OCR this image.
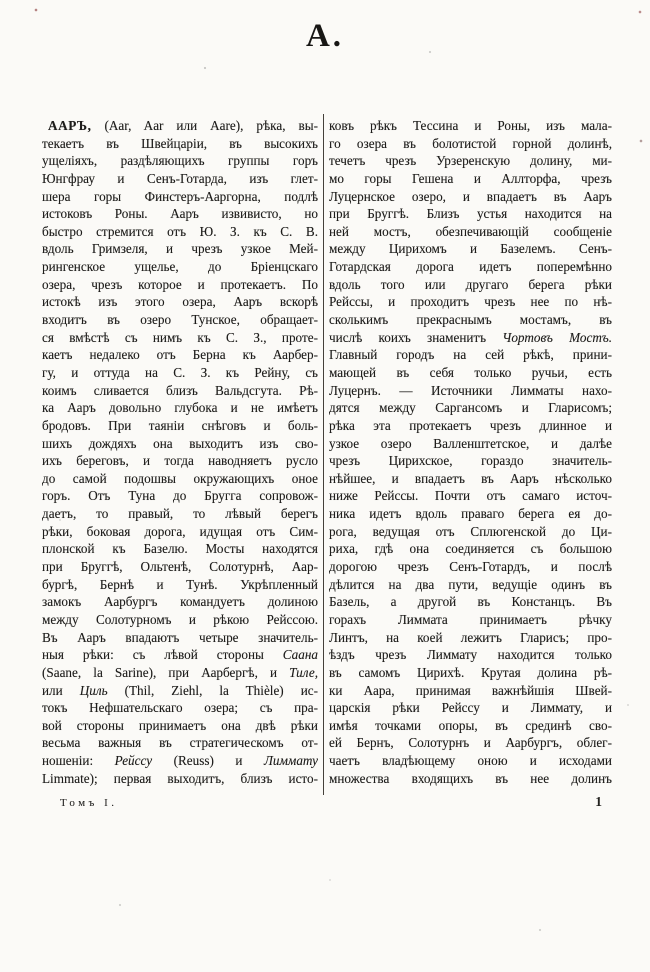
А.
ААРЪ, (Aar, Aar или Aare), рѣка, вы-
текаетъ въ Швейцаріи, въ высокихъ
ущеліяхъ, раздѣляющихъ группы горъ
Юнгфрау и Сенъ-Готарда, изъ глет-
шера горы Финстеръ-Ааргорна, подлѣ
истоковъ Роны. Ааръ извивисто, но
быстро стремится отъ Ю. З. къ С. В.
вдоль Гримзеля, и чрезъ узкое Мей-
рингенское ущелье, до Бріенцскаго
озера, чрезъ которое и протекаетъ. По
истокѣ изъ этого озера, Ааръ вскорѣ
входитъ въ озеро Тунское, обращает-
ся вмѣстѣ съ нимъ къ С. З., проте-
каетъ недалеко отъ Берна къ Аарбер-
гу, и оттуда на С. З. къ Рейну, съ
коимъ сливается близъ Вальдсгута. Рѣ-
ка Ааръ довольно глубока и не имѣетъ
бродовъ. При таяніи снѣговъ и боль-
шихъ дождяхъ она выходитъ изъ сво-
ихъ береговъ, и тогда наводняетъ русло
до самой подошвы окружающихъ оное
горъ. Отъ Туна до Бругга сопровож-
даетъ, то правый, то лѣвый берегъ
рѣки, боковая дорога, идущая отъ Сим-
плонской къ Базелю. Мосты находятся
при Бруггѣ, Ольтенѣ, Солотурнѣ, Аар-
бургѣ, Бернѣ и Тунѣ. Укрѣпленный
замокъ Аарбургъ командуетъ долиною
между Солотурномъ и рѣкою Рейссою.
Въ Ааръ впадаютъ четыре значитель-
ныя рѣки: съ лѣвой стороны Саана
(Saane, la Sarine), при Аарбергѣ, и Тиле,
или Циль (Thil, Ziehl, la Thièle) ис-
токъ Нефшательскаго озера; съ пра-
вой стороны принимаетъ она двѣ рѣки
весьма важныя въ стратегическомъ от-
ношеніи: Рейссу (Reuss) и Лиммату
Limmate); первая выходитъ, близъ исто-
ковъ рѣкъ Тессина и Роны, изъ мала-
го озера въ болотистой горной долинѣ,
течетъ чрезъ Урзеренскую долину, ми-
мо горы Гешена и Аллторфа, чрезъ
Луцернское озеро, и впадаетъ въ Ааръ
при Бруггѣ. Близъ устья находится на
ней мостъ, обезпечивающій сообщеніе
между Цирихомъ и Базелемъ. Сенъ-
Готардская дорога идетъ поперемѣнно
вдоль того или другаго берега рѣки
Рейссы, и проходитъ чрезъ нее по нѣ-
сколькимъ прекраснымъ мостамъ, въ
числѣ коихъ знаменитъ Чортовъ Мостъ.
Главный городъ на сей рѣкѣ, прини-
мающей въ себя только ручьи, есть
Луцернъ. — Источники Лимматы нахо-
дятся между Саргансомъ и Гларисомъ;
рѣка эта протекаетъ чрезъ длинное и
узкое озеро Валленштетское, и далѣе
чрезъ Цирихское, гораздо значитель-
нѣйшее, и впадаетъ въ Ааръ нѣсколько
ниже Рейссы. Почти отъ самаго источ-
ника идетъ вдоль праваго берега ея до-
рога, ведущая отъ Сплюгенской до Ци-
риха, гдѣ она соединяется съ большою
дорогою чрезъ Сенъ-Готардъ, и послѣ
дѣлится на два пути, ведущіе одинъ въ
Базель, а другой въ Констанцъ. Въ
горахъ Лиммата принимаетъ рѣчку
Линтъ, на коей лежитъ Гларисъ; про-
ѣздъ чрезъ Лиммату находится только
въ самомъ Цирихѣ. Крутая долина рѣ-
ки Аара, принимая важнѣйшія Швей-
царскія рѣки Рейссу и Лиммату, и
имѣя точками опоры, въ срединѣ сво-
ей Бернъ, Солотурнъ и Аарбургъ, облег-
чаетъ владѣющему оною и исходами
множества входящихъ въ нее долинъ
Томъ I.	1
